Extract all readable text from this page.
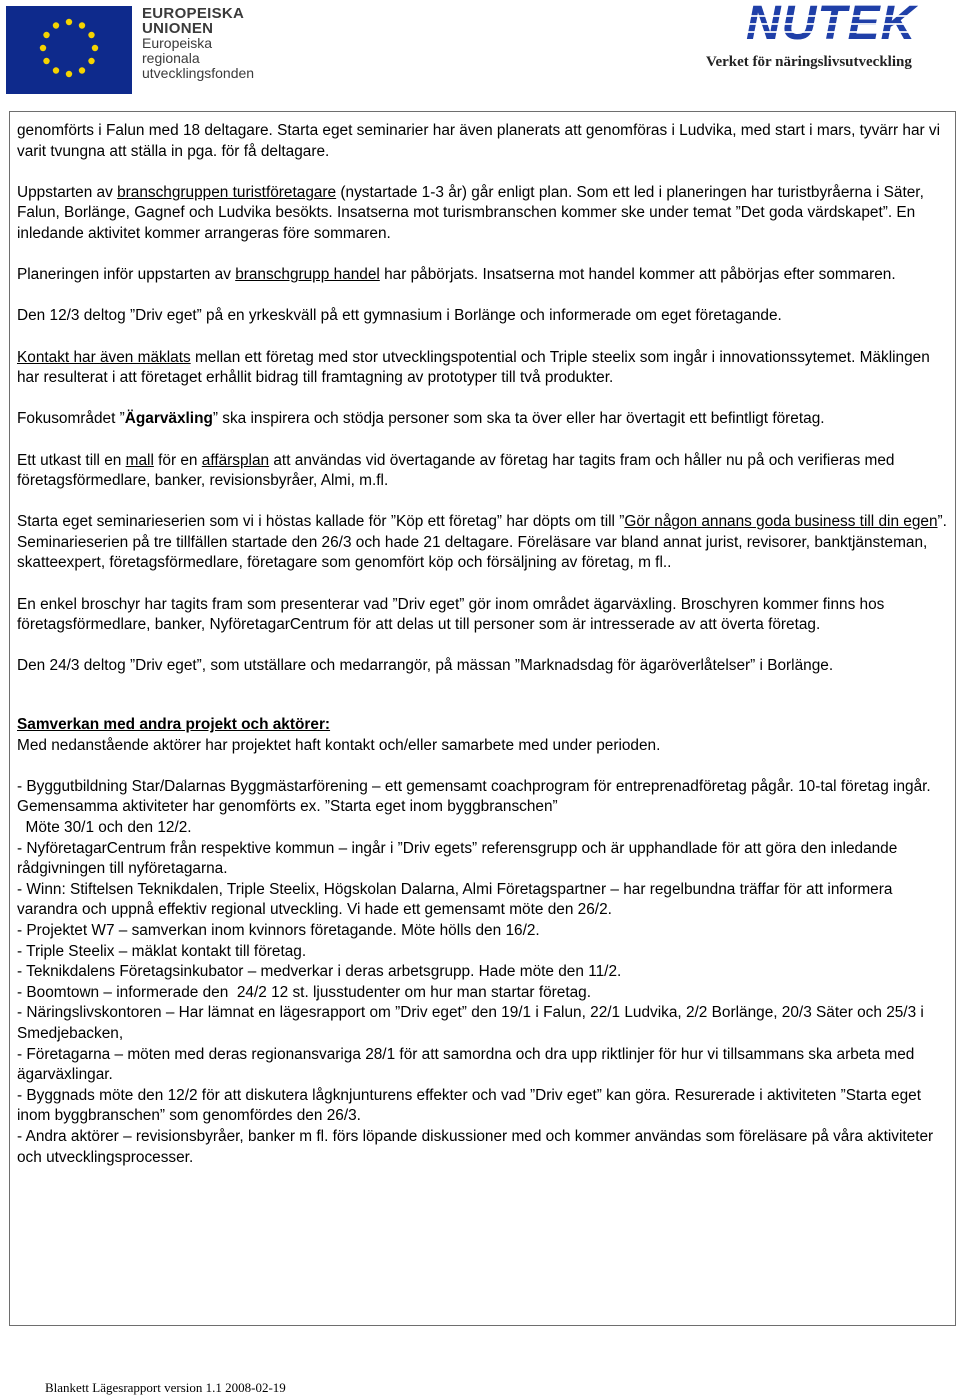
EUROPEISKA
UNIONEN
Europeiska
regionala
utvecklingsfonden
Verket för näringslivsutveckling

genomförts i Falun med 18 deltagare. Starta eget seminarier har även planerats att genomföras i Ludvika, med start i mars, tyvärr har vi varit tvungna att ställa in pga. för få deltagare.

Uppstarten av branschgruppen turistföretagare (nystartade 1-3 år) går enligt plan. Som ett led i planeringen har turistbyråerna i Säter, Falun, Borlänge, Gagnef och Ludvika besökts. Insatserna mot turismbranschen kommer ske under temat ”Det goda värdskapet”. En inledande aktivitet kommer arrangeras före sommaren.

Planeringen inför uppstarten av branschgrupp handel har påbörjats. Insatserna mot handel kommer att påbörjas efter sommaren.

Den 12/3 deltog ”Driv eget” på en yrkeskväll på ett gymnasium i Borlänge och informerade om eget företagande.

Kontakt har även mäklats mellan ett företag med stor utvecklingspotential och Triple steelix som ingår i innovationssytemet. Mäklingen har resulterat i att företaget erhållit bidrag till framtagning av prototyper till två produkter.

Fokusområdet ”Ägarväxling” ska inspirera och stödja personer som ska ta över eller har övertagit ett befintligt företag.

Ett utkast till en mall för en affärsplan att användas vid övertagande av företag har tagits fram och håller nu på och verifieras med företagsförmedlare, banker, revisionsbyråer, Almi, m.fl.

Starta eget seminarieserien som vi i höstas kallade för ”Köp ett företag” har döpts om till ”Gör någon annans goda business till din egen”. Seminarieserien på tre tillfällen startade den 26/3 och hade 21 deltagare. Föreläsare var bland annat jurist, revisorer, banktjänsteman, skatteexpert, företagsförmedlare, företagare som genomfört köp och försäljning av företag, m fl..

En enkel broschyr har tagits fram som presenterar vad ”Driv eget” gör inom området ägarväxling. Broschyren kommer finns hos företagsförmedlare, banker, NyföretagarCentrum för att delas ut till personer som är intresserade av att överta företag.

Den 24/3 deltog ”Driv eget”, som utställare och medarrangör, på mässan ”Marknadsdag för ägaröverlåtelser” i Borlänge.

Samverkan med andra projekt och aktörer:

Med nedanstående aktörer har projektet haft kontakt och/eller samarbete med under perioden.

- Byggutbildning Star/Dalarnas Byggmästarförening – ett gemensamt coachprogram för entreprenadföretag pågår. 10-tal företag ingår. Gemensamma aktiviteter har genomförts ex. ”Starta eget inom byggbranschen”
Möte 30/1 och den 12/2.
- NyföretagarCentrum från respektive kommun – ingår i ”Driv egets” referensgrupp och är upphandlade för att göra den inledande rådgivningen till nyföretagarna.
- Winn: Stiftelsen Teknikdalen, Triple Steelix, Högskolan Dalarna, Almi Företagspartner – har regelbundna träffar för att informera varandra och uppnå effektiv regional utveckling. Vi hade ett gemensamt möte den 26/2.
- Projektet W7 – samverkan inom kvinnors företagande. Möte hölls den 16/2.
- Triple Steelix – mäklat kontakt till företag.
- Teknikdalens Företagsinkubator – medverkar i deras arbetsgrupp. Hade möte den 11/2.
- Boomtown – informerade den  24/2 12 st. ljusstudenter om hur man startar företag.
- Näringslivskontoren – Har lämnat en lägesrapport om ”Driv eget” den 19/1 i Falun, 22/1 Ludvika, 2/2 Borlänge, 20/3 Säter och 25/3 i Smedjebacken,
- Företagarna – möten med deras regionansvariga 28/1 för att samordna och dra upp riktlinjer för hur vi tillsammans ska arbeta med ägarväxlingar.
- Byggnads möte den 12/2 för att diskutera lågknjunturens effekter och vad ”Driv eget” kan göra. Resurerade i aktiviteten ”Starta eget inom byggbranschen” som genomfördes den 26/3.
- Andra aktörer – revisionsbyråer, banker m fl. förs löpande diskussioner med och kommer användas som föreläsare på våra aktiviteter och utvecklingsprocesser.
Blankett Lägesrapport version 1.1 2008-02-19
